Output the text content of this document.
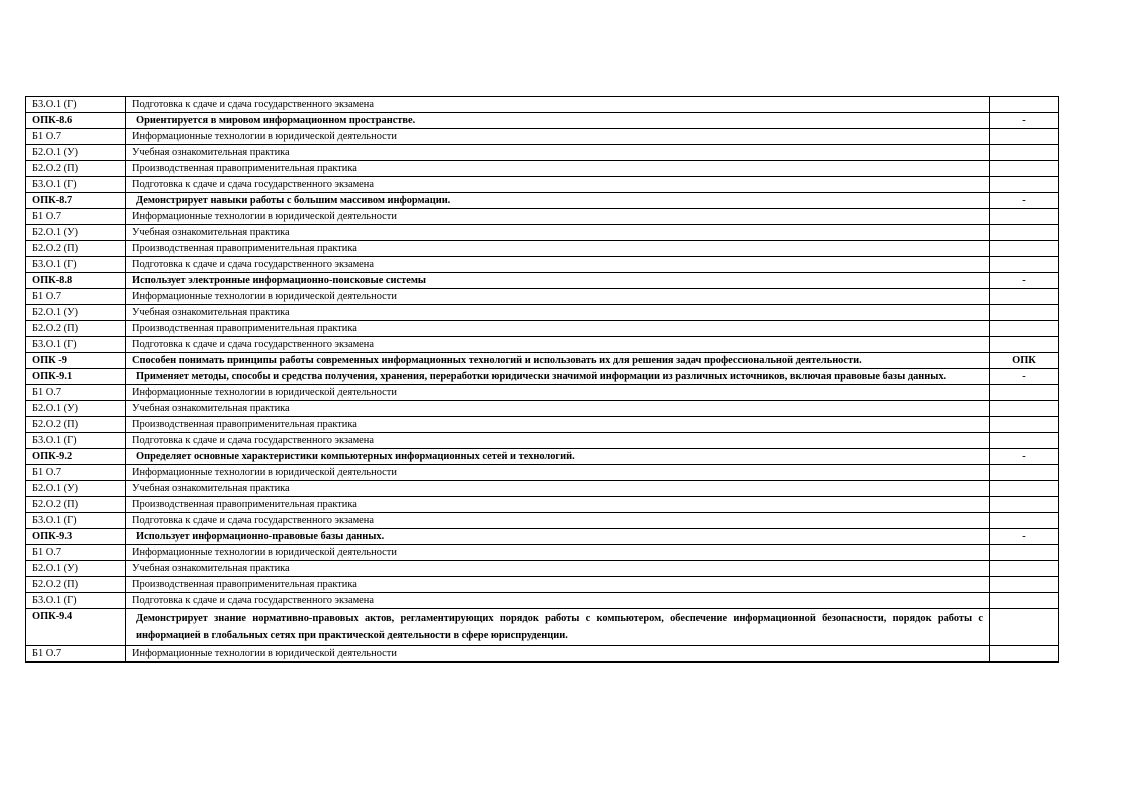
Б3.О.1 (Г)	Подготовка к сдаче и сдача государственного экзамена	
ОПК-8.6	Ориентируется в мировом информационном пространстве.	-
Б1 О.7	Информационные технологии в юридической деятельности	
Б2.О.1 (У)	Учебная ознакомительная практика	
Б2.О.2 (П)	Производственная правоприменительная практика	
Б3.О.1 (Г)	Подготовка к сдаче и сдача государственного экзамена	
ОПК-8.7	Демонстрирует навыки работы с большим массивом информации.	-
Б1 О.7	Информационные технологии в юридической деятельности	
Б2.О.1 (У)	Учебная ознакомительная практика	
Б2.О.2 (П)	Производственная правоприменительная практика	
Б3.О.1 (Г)	Подготовка к сдаче и сдача государственного экзамена	
ОПК-8.8	Использует электронные информационно-поисковые системы	-
Б1 О.7	Информационные технологии в юридической деятельности	
Б2.О.1 (У)	Учебная ознакомительная практика	
Б2.О.2 (П)	Производственная правоприменительная практика	
Б3.О.1 (Г)	Подготовка к сдаче и сдача государственного экзамена	
ОПК -9	Способен понимать принципы работы современных информационных технологий и использовать их для решения задач профессиональной деятельности.	ОПК
ОПК-9.1	Применяет методы, способы и средства получения, хранения, переработки юридически значимой информации из различных источников, включая правовые базы данных.	-
Б1 О.7	Информационные технологии в юридической деятельности	
Б2.О.1 (У)	Учебная ознакомительная практика	
Б2.О.2 (П)	Производственная правоприменительная практика	
Б3.О.1 (Г)	Подготовка к сдаче и сдача государственного экзамена	
ОПК-9.2	Определяет основные характеристики компьютерных информационных сетей и технологий.	-
Б1 О.7	Информационные технологии в юридической деятельности	
Б2.О.1 (У)	Учебная ознакомительная практика	
Б2.О.2 (П)	Производственная правоприменительная практика	
Б3.О.1 (Г)	Подготовка к сдаче и сдача государственного экзамена	
ОПК-9.3	Использует информационно-правовые базы данных.	-
Б1 О.7	Информационные технологии в юридической деятельности	
Б2.О.1 (У)	Учебная ознакомительная практика	
Б2.О.2 (П)	Производственная правоприменительная практика	
Б3.О.1 (Г)	Подготовка к сдаче и сдача государственного экзамена	
ОПК-9.4	Демонстрирует знание нормативно-правовых актов, регламентирующих порядок работы с компьютером, обеспечение информационной безопасности, порядок работы с информацией в глобальных сетях при практической деятельности в сфере юриспруденции.	
Б1 О.7	Информационные технологии в юридической деятельности	
